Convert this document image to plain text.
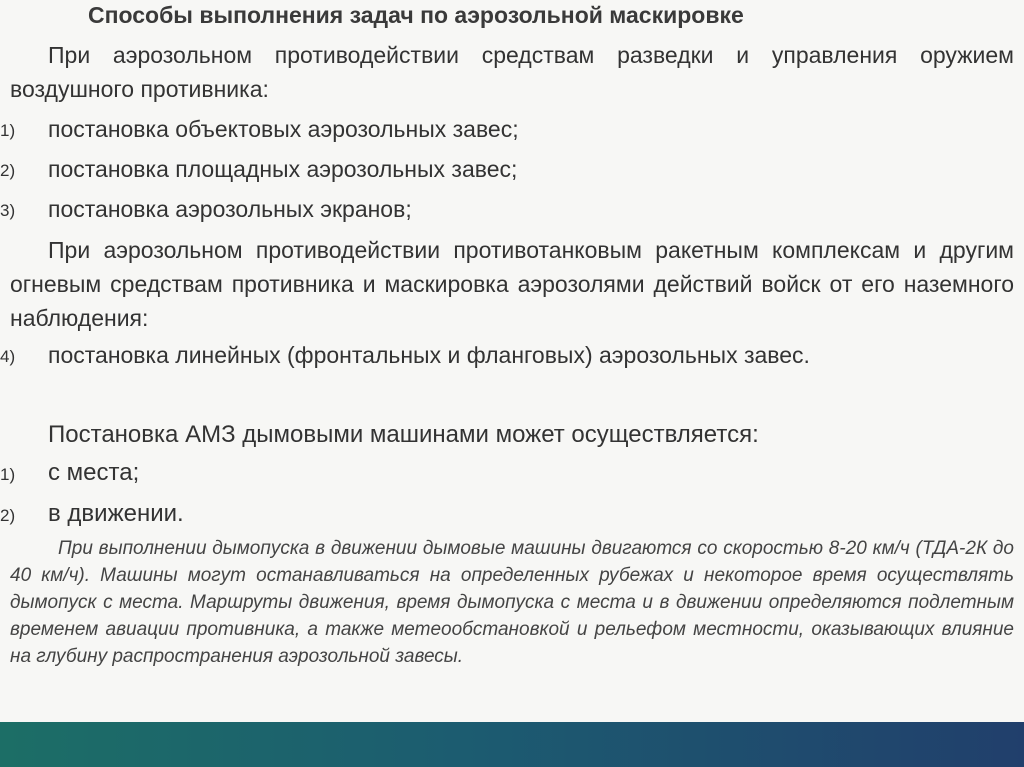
Способы выполнения задач по аэрозольной маскировке
При аэрозольном противодействии средствам разведки и управления оружием воздушного противника:
1) постановка объектовых аэрозольных завес;
2) постановка площадных аэрозольных завес;
3) постановка аэрозольных экранов;
При аэрозольном противодействии противотанковым ракетным комплексам и другим огневым средствам противника и маскировка аэрозолями действий войск от его наземного наблюдения:
4) постановка линейных (фронтальных и фланговых) аэрозольных завес.
Постановка АМЗ дымовыми машинами может осуществляется:
1) с места;
2) в движении.
При выполнении дымопуска в движении дымовые машины двигаются со скоростью 8-20 км/ч (ТДА-2К до 40 км/ч). Машины могут останавливаться на определенных рубежах и некоторое время осуществлять дымопуск с места. Маршруты движения, время дымопуска с места и в движении определяются подлетным временем авиации противника, а также метеообстановкой и рельефом местности, оказывающих влияние на глубину распространения аэрозольной завесы.
